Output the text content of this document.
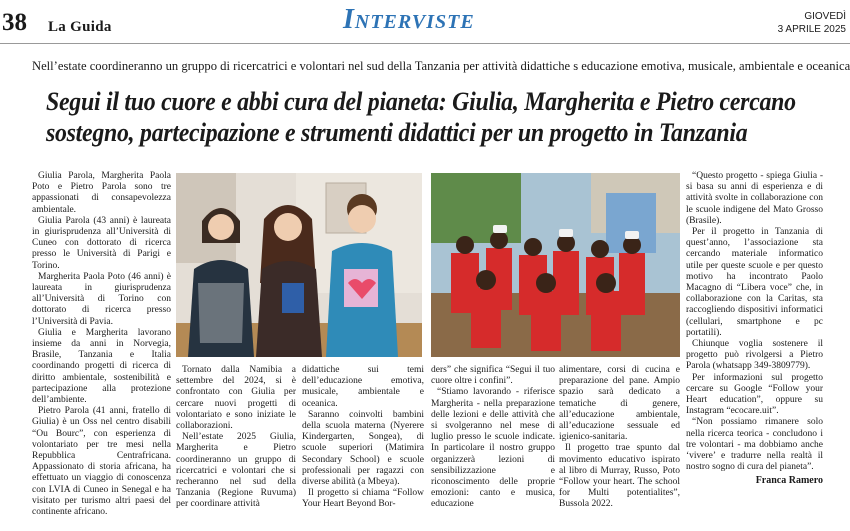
38 La Guida	Interviste	GIOVEDÌ
3 APRILE 2025
Nell’estate coordineranno un gruppo di ricercatrici e volontari nel sud della Tanzania per attività didattiche s educazione emotiva, musicale, ambientale e oceanica
Segui il tuo cuore e abbi cura del pianeta: Giulia, Margherita e Pietro cercano
sostegno, partecipazione e strumenti didattici per un progetto in Tanzania

Giulia Parola, Margherita Paola Poto e Pietro Parola sono tre appassionati di consapevolezza ambientale.

Giulia Parola (43 anni) è laureata in giurisprudenza all’Università di Cuneo con dottorato di ricerca presso le Università di Parigi e Torino.

Margherita Paola Poto (46 anni) è laureata in giurisprudenza all’Università di Torino con dottorato di ricerca presso l’Università di Pavia.

Giulia e Margherita lavorano insieme da anni in Norvegia, Brasile, Tanzania e Italia coordinando progetti di ricerca di diritto ambientale, sostenibilità e partecipazione alla protezione dell’ambiente.

Pietro Parola (41 anni, fratello di Giulia) è un Oss nel centro disabili “Ou Bourc”, con esperienza di volontariato per tre mesi nella Repubblica Centrafricana. Appassionato di storia africana, ha effettuato un viaggio di conoscenza con LVIA di Cuneo in Senegal e ha visitato per turismo altri paesi del continente africano.

Tornato dalla Namibia a settembre del 2024, si è confrontato con Giulia per cercare nuovi progetti di volontariato e sono iniziate le collaborazioni.

Nell’estate 2025 Giulia, Margherita e Pietro coordineranno un gruppo di ricercatrici e volontari che si recheranno nel sud della Tanzania (Regione Ruvuma) per coordinare attività

didattiche sui temi dell’educazione emotiva, musicale, ambientale e oceanica.

Saranno coinvolti bambini della scuola materna (Nyerere Kindergarten, Songea), di scuole superiori (Matimira Secondary School) e scuole professionali per ragazzi con diverse abilità (a Mbeya).

Il progetto si chiama “Follow Your Heart Beyond Bor-

ders” che significa “Segui il tuo cuore oltre i confini”.

“Stiamo lavorando - riferisce Margherita - nella preparazione delle lezioni e delle attività che si svolgeranno nel mese di luglio presso le scuole indicate. In particolare il nostro gruppo organizzerà lezioni di sensibilizzazione e riconoscimento delle proprie emozioni: canto e musica, educazione

alimentare, corsi di cucina e preparazione del pane. Ampio spazio sarà dedicato a tematiche di genere, all’educazione ambientale, all’educazione sessuale ed igienico-sanitaria.

Il progetto trae spunto dal movimento educativo ispirato al libro di Murray, Russo, Poto “Follow your heart. The school for Multi potentialites”, Bussola 2022.

“Questo progetto - spiega Giulia - si basa su anni di esperienza e di attività svolte in collaborazione con le scuole indigene del Mato Grosso (Brasile).

Per il progetto in Tanzania di quest’anno, l’associazione sta cercando materiale informatico utile per queste scuole e per questo motivo ha incontrato Paolo Macagno di “Libera voce” che, in collaborazione con la Caritas, sta raccogliendo dispositivi informatici (cellulari, smartphone e pc portatili).

Chiunque voglia sostenere il progetto può rivolgersi a Pietro Parola (whatsapp 349-3809779).

Per informazioni sul progetto cercare su Google “Follow your Heart education”, oppure su Instagram “ecocare.uit”.

“Non possiamo rimanere solo nella ricerca teorica - concludono i tre volontari - ma dobbiamo anche ‘vivere’ e tradurre nella realtà il nostro sogno di cura del pianeta”.

Franca Ramero
